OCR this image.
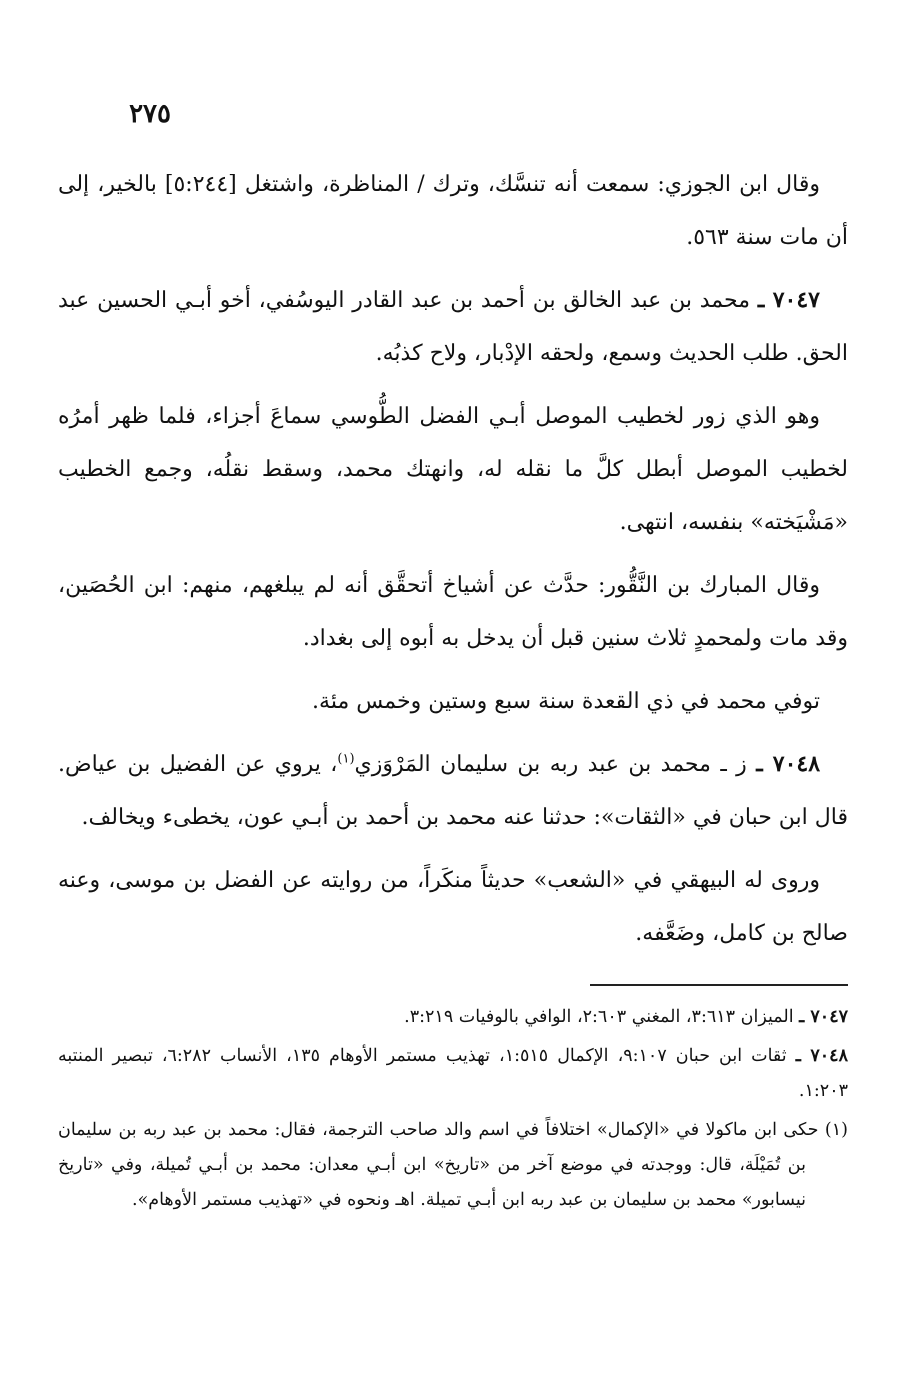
٢٧٥

وقال ابن الجوزي: سمعت أنه تنسَّك، وترك / المناظرة، واشتغل [٥:٢٤٤] بالخير، إلى أن مات سنة ٥٦٣.

٧٠٤٧ ـ محمد بن عبد الخالق بن أحمد بن عبد القادر اليوسُفي، أخو أبـي الحسين عبد الحق. طلب الحديث وسمع، ولحقه الإدْبار، ولاح كذبُه.

وهو الذي زور لخطيب الموصل أبـي الفضل الطُّوسي سماعَ أجزاء، فلما ظهر أمرُه لخطيب الموصل أبطل كلَّ ما نقله له، وانهتك محمد، وسقط نقلُه، وجمع الخطيب «مَشْيَخته» بنفسه، انتهى.

وقال المبارك بن النَّقُّور: حدَّث عن أشياخ أتحقَّق أنه لم يبلغهم، منهم: ابن الحُصَين، وقد مات ولمحمدٍ ثلاث سنين قبل أن يدخل به أبوه إلى بغداد.

توفي محمد في ذي القعدة سنة سبع وستين وخمس مئة.

٧٠٤٨ ـ ز ـ محمد بن عبد ربه بن سليمان المَرْوَزي$^{(١)}$، يروي عن الفضيل بن عياض. قال ابن حبان في «الثقات»: حدثنا عنه محمد بن أحمد بن أبـي عون، يخطىء ويخالف.

وروى له البيهقي في «الشعب» حديثاً منكَراً، من روايته عن الفضل بن موسى، وعنه صالح بن كامل، وضَعَّفه.

٧٠٤٧ ـ الميزان ٣:٦١٣، المغني ٢:٦٠٣، الوافي بالوفيات ٣:٢١٩.

٧٠٤٨ ـ ثقات ابن حبان ٩:١٠٧، الإكمال ١:٥١٥، تهذيب مستمر الأوهام ١٣٥، الأنساب ٦:٢٨٢، تبصير المنتبه ١:٢٠٣.

(١) حكى ابن ماكولا في «الإكمال» اختلافاً في اسم والد صاحب الترجمة، فقال: محمد بن عبد ربه بن سليمان بن تُمَيْلَة، قال: ووجدته في موضع آخر من «تاريخ» ابن أبـي معدان: محمد بن أبـي تُميلة، وفي «تاريخ نيسابور» محمد بن سليمان بن عبد ربه ابن أبـي تميلة. اهـ ونحوه في «تهذيب مستمر الأوهام».
